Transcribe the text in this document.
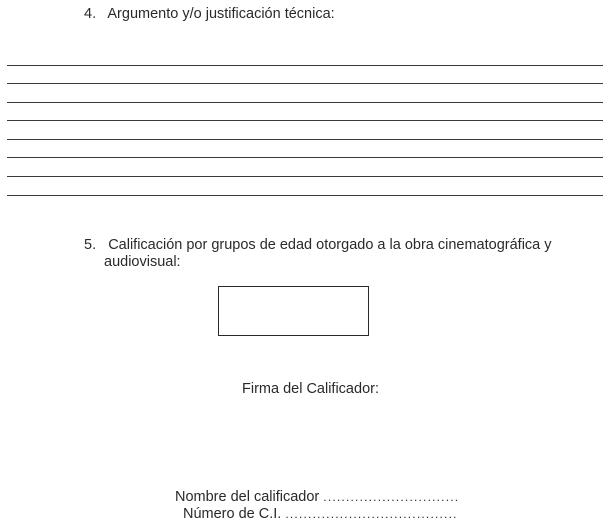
4. Argumento y/o justificación técnica:
5. Calificación por grupos de edad otorgado a la obra cinematográfica y
audiovisual:
Firma del Calificador:
Nombre del calificador ..............................
Número de C.I. ......................................
